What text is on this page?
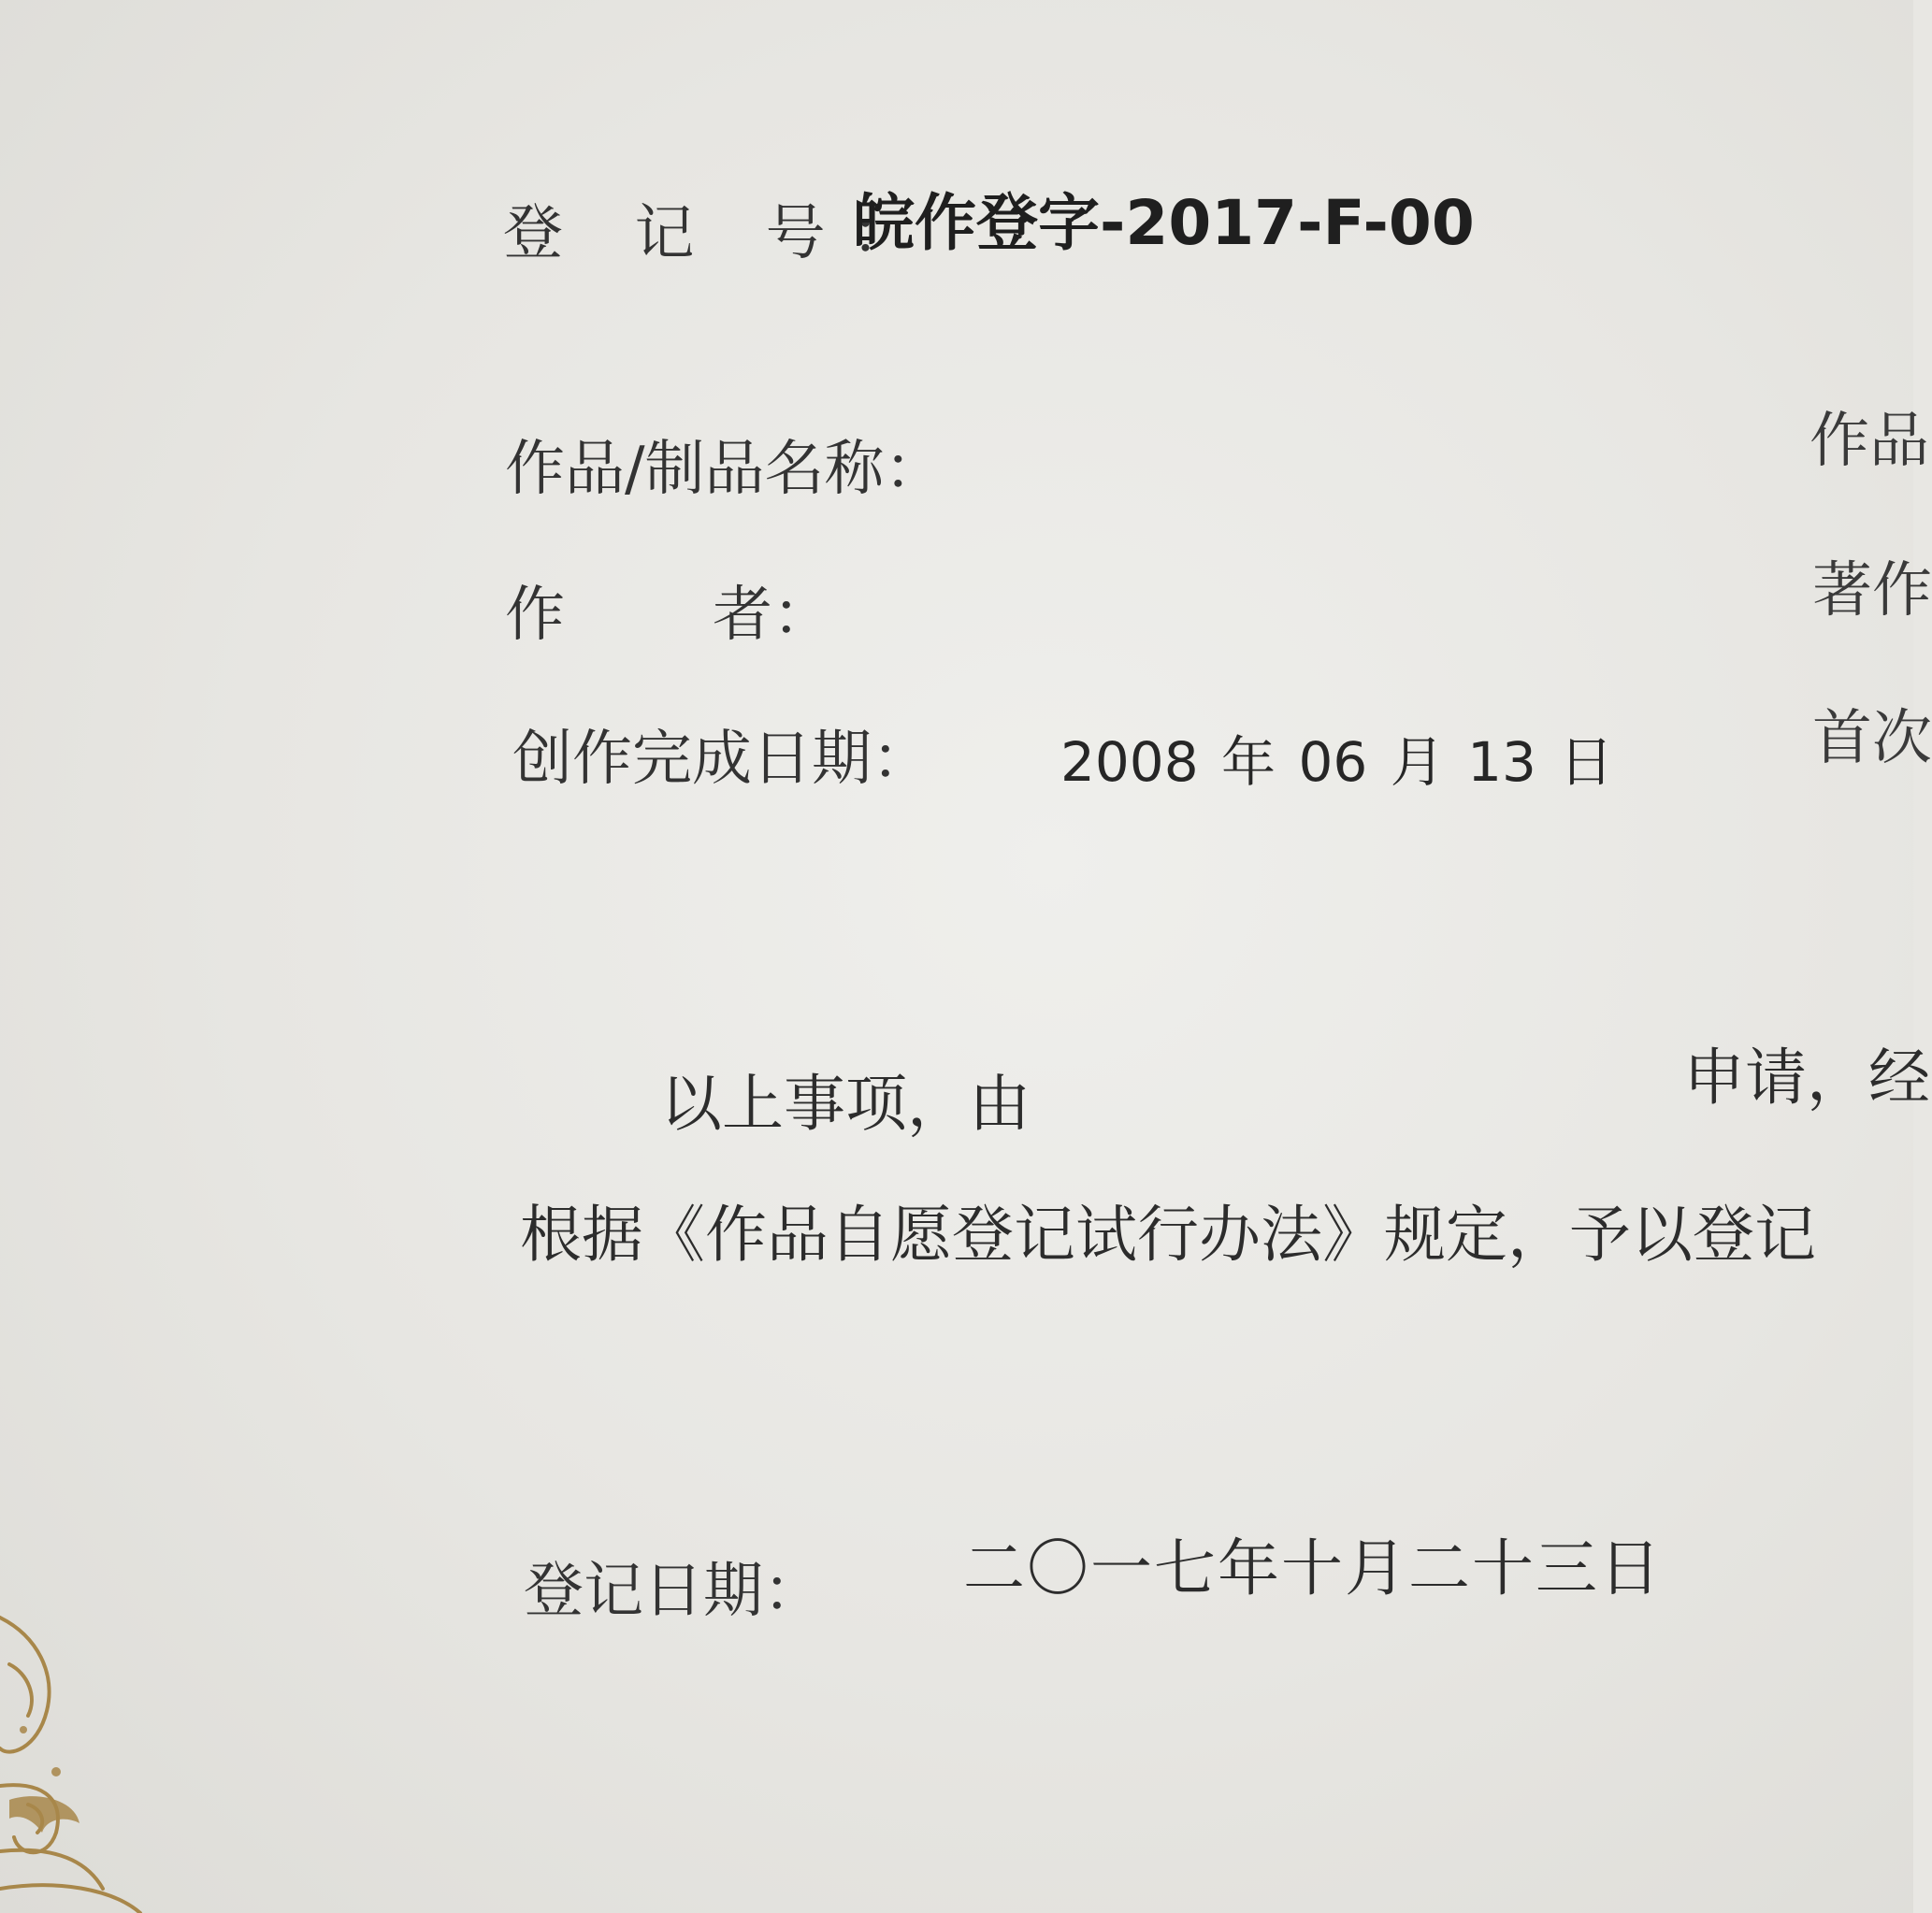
登 记 号：
皖作登字-2017-F-00
作品/制品名称：
作 者：
创作完成日期： 2008 年 06 月 13 日
作品
著作
首次
以上事项，由	申请，经
根据《作品自愿登记试行办法》规定，予以登记
登记日期： 二〇一七年十月二十三日
